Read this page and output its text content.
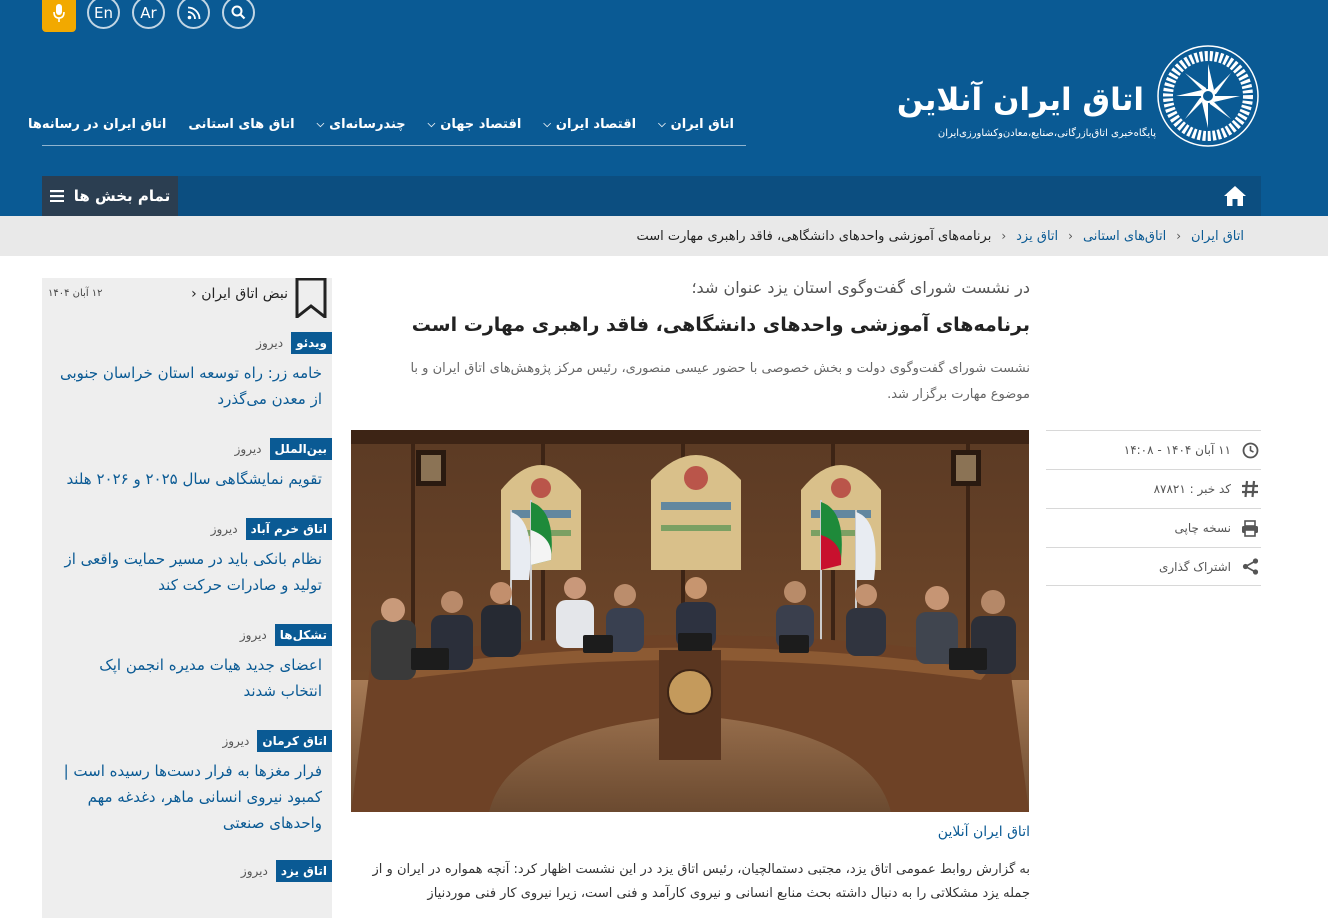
En Ar
اتاق ایران آنلاین
پایگاه‌خبری اتاق‌بازرگانی،صنایع،معادن‌وکشاورزی‌ایران
اتاق ایران
⌵
اقتصاد ایران
⌵
اقتصاد جهان
⌵
چندرسانه‌ای
⌵
اتاق های استانی
اتاق ایران در رسانه‌ها
تمام بخش ها
اتاق ایران
‹
اتاق‌های استانی
‹
اتاق یزد
‹
برنامه‌های آموزشی واحدهای دانشگاهی، فاقد راهبری مهارت است
نبض اتاق ایران ‹
۱۲ آبان ۱۴۰۴
ویدئو
دیروز
خامه زر: راه توسعه استان خراسان جنوبی از معدن می‌گذرد
بین‌الملل
دیروز
تقویم نمایشگاهی سال ۲۰۲۵ و ۲۰۲۶ هلند
اتاق خرم آباد
دیروز
نظام بانکی باید در مسیر حمایت واقعی از تولید و صادرات حرکت کند
تشکل‌ها
دیروز
اعضای جدید هیات مدیره انجمن اپک انتخاب شدند
اتاق کرمان
دیروز
فرار مغزها به فرار دست‌ها رسیده است | کمبود نیروی انسانی ماهر، دغدغه مهم واحدهای صنعتی
اتاق یزد
دیروز
در نشست شورای گفت‌وگوی استان یزد عنوان شد؛
برنامه‌های آموزشی واحدهای دانشگاهی، فاقد راهبری مهارت است
نشست شورای گفت‌وگوی دولت و بخش خصوصی با حضور عیسی منصوری، رئیس مرکز پژوهش‌های اتاق ایران و با موضوع مهارت برگزار شد.
اتاق ایران آنلاین
به گزارش روابط عمومی اتاق یزد، مجتبی دستمالچیان، رئیس اتاق یزد در این نشست اظهار کرد: آنچه همواره در ایران و از جمله یزد مشکلاتی را به دنبال داشته بحث منابع انسانی و نیروی کارآمد و فنی است، زیرا نیروی کار فنی موردنیاز
۱۱ آبان ۱۴۰۴ - ۱۴:۰۸
کد خبر : ۸۷۸۲۱
نسخه چاپی
اشتراک گذاری
